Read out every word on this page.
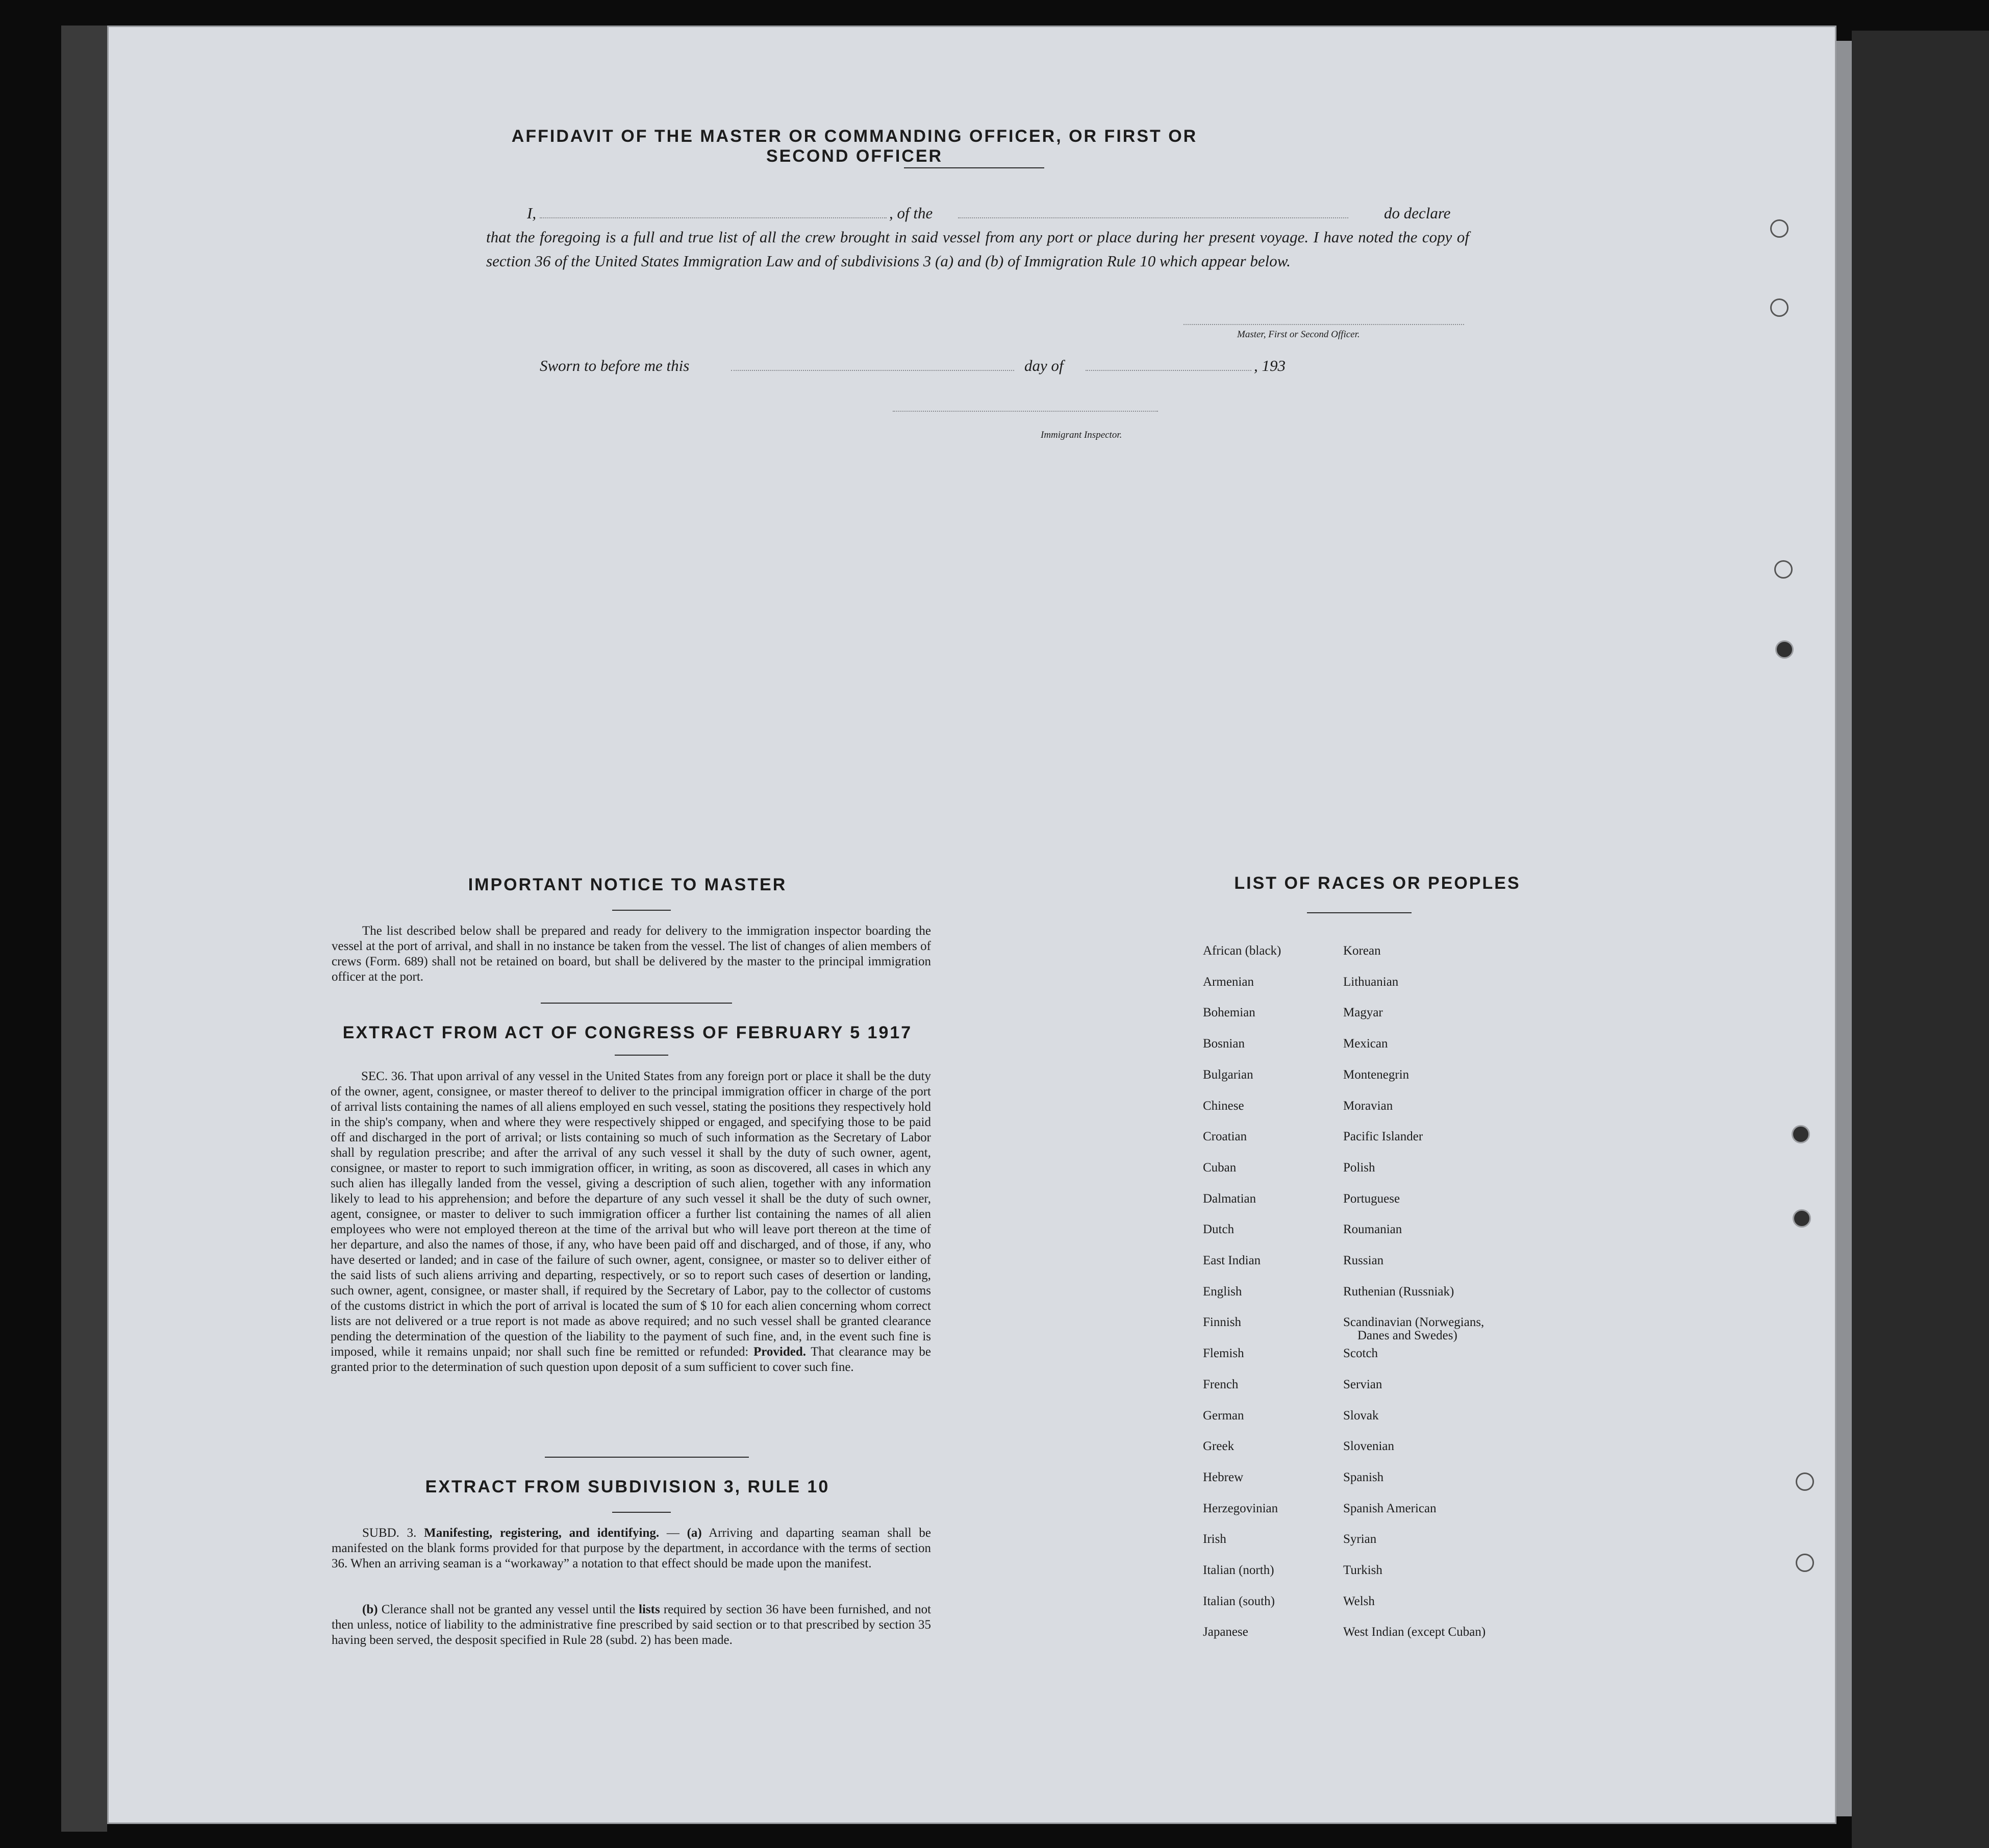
AFFIDAVIT OF THE MASTER OR COMMANDING OFFICER, OR FIRST OR SECOND OFFICER
I,	, of the	do declare
that the foregoing is a full and true list of all the crew brought in said vessel from any port or place during her present voyage. I have noted the copy of section 36 of the United States Immigration Law and of subdivisions 3 (a) and (b) of Immigration Rule 10 which appear below.
Master, First or Second Officer.
Sworn to before me this	day of	, 193
Immigrant Inspector.
IMPORTANT NOTICE TO MASTER
The list described below shall be prepared and ready for delivery to the immigration inspector boarding the vessel at the port of arrival, and shall in no instance be taken from the vessel. The list of changes of alien members of crews (Form. 689) shall not be retained on board, but shall be delivered by the master to the principal immigration officer at the port.
EXTRACT FROM ACT OF CONGRESS OF FEBRUARY 5 1917
SEC. 36. That upon arrival of any vessel in the United States from any foreign port or place it shall be the duty of the owner, agent, consignee, or master thereof to deliver to the principal immigration officer in charge of the port of arrival lists containing the names of all aliens employed en such vessel, stating the positions they respectively hold in the ship's company, when and where they were respectively shipped or engaged, and specifying those to be paid off and discharged in the port of arrival; or lists containing so much of such information as the Secretary of Labor shall by regulation prescribe; and after the arrival of any such vessel it shall by the duty of such owner, agent, consignee, or master to report to such immigration officer, in writing, as soon as discovered, all cases in which any such alien has illegally landed from the vessel, giving a description of such alien, together with any information likely to lead to his apprehension; and before the departure of any such vessel it shall be the duty of such owner, agent, consignee, or master to deliver to such immigration officer a further list containing the names of all alien employees who were not employed thereon at the time of the arrival but who will leave port thereon at the time of her departure, and also the names of those, if any, who have been paid off and discharged, and of those, if any, who have deserted or landed; and in case of the failure of such owner, agent, consignee, or master so to deliver either of the said lists of such aliens arriving and departing, respectively, or so to report such cases of desertion or landing, such owner, agent, consignee, or master shall, if required by the Secretary of Labor, pay to the collector of customs of the customs district in which the port of arrival is located the sum of $ 10 for each alien concerning whom correct lists are not delivered or a true report is not made as above required; and no such vessel shall be granted clearance pending the determination of the question of the liability to the payment of such fine, and, in the event such fine is imposed, while it remains unpaid; nor shall such fine be remitted or refunded: Provided. That clearance may be granted prior to the determination of such question upon deposit of a sum sufficient to cover such fine.
EXTRACT FROM SUBDIVISION 3, RULE 10
SUBD. 3. Manifesting, registering, and identifying. — (a) Arriving and daparting seaman shall be manifested on the blank forms provided for that purpose by the department, in accordance with the terms of section 36. When an arriving seaman is a “workaway” a notation to that effect should be made upon the manifest.
(b) Clerance shall not be granted any vessel until the lists required by section 36 have been furnished, and not then unless, notice of liability to the administrative fine prescribed by said section or to that prescribed by section 35 having been served, the desposit specified in Rule 28 (subd. 2) has been made.
LIST OF RACES OR PEOPLES
African (black)
Armenian
Bohemian
Bosnian
Bulgarian
Chinese
Croatian
Cuban
Dalmatian
Dutch
East Indian
English
Finnish
Flemish
French
German
Greek
Hebrew
Herzegovinian
Irish
Italian (north)
Italian (south)
Japanese
Korean
Lithuanian
Magyar
Mexican
Montenegrin
Moravian
Pacific Islander
Polish
Portuguese
Roumanian
Russian
Ruthenian (Russniak)
Scandinavian (Norwegians,
Scotch
Servian
Slovak
Slovenian
Spanish
Spanish American
Syrian
Turkish
Welsh
West Indian (except Cuban)
Danes and Swedes)
